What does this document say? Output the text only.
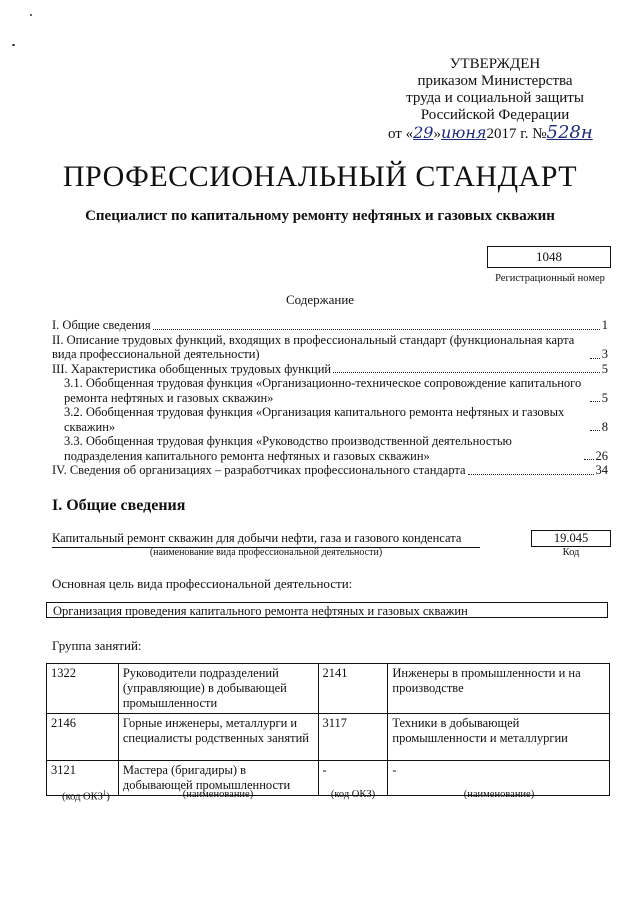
УТВЕРЖДЕН
приказом Министерства
труда и социальной защиты
Российской Федерации
от «29»июня2017 г. №528н
ПРОФЕССИОНАЛЬНЫЙ СТАНДАРТ
Специалист по капитальному ремонту нефтяных и газовых скважин
1048
Регистрационный номер
Содержание
I. Общие сведения	1
II. Описание трудовых функций, входящих в профессиональный стандарт (функциональная карта вида профессиональной деятельности)	3
III. Характеристика обобщенных трудовых функций	5
3.1. Обобщенная трудовая функция «Организационно-техническое сопровождение капитального ремонта нефтяных и газовых скважин»	5
3.2. Обобщенная трудовая функция «Организация капитального ремонта нефтяных и газовых скважин»	8
3.3. Обобщенная трудовая функция «Руководство производственной деятельностью подразделения капитального ремонта нефтяных и газовых скважин»	26
IV. Сведения об организациях – разработчиках профессионального стандарта	34
I. Общие сведения
Капитальный ремонт скважин для добычи нефти, газа и газового конденсата
(наименование вида профессиональной деятельности)
19.045
Код
Основная цель вида профессиональной деятельности:
Организация проведения капитального ремонта нефтяных и газовых скважин
Группа занятий:
1322	Руководители подразделений (управляющие) в добывающей промышленности	2141	Инженеры в промышленности и на производстве
2146	Горные инженеры, металлурги и специалисты родственных занятий	3117	Техники в добывающей промышленности и металлургии
3121	Мастера (бригадиры) в добывающей промышленности	-	-
(код ОКЗ$^1$)	(наименование)	(код ОКЗ)	(наименование)
